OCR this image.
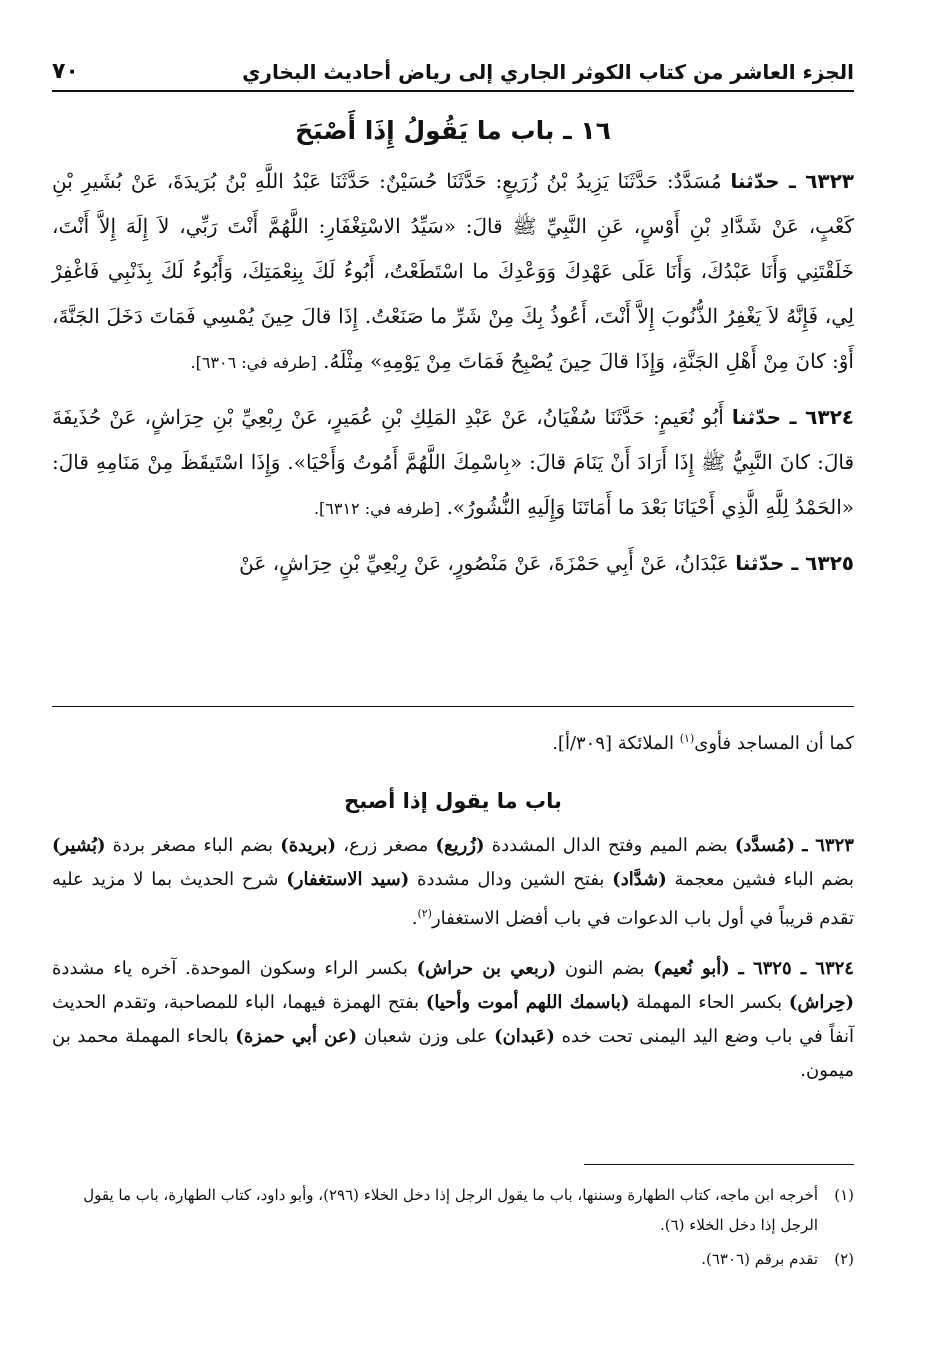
الجزء العاشر من كتاب الكوثر الجاري إلى رياض أحاديث البخاري
٧٠
١٦ ـ باب ما يَقُولُ إِذَا أَصْبَحَ

٦٣٢٣ ـ حدّثنا مُسَدَّدٌ: حَدَّثَنَا يَزِيدُ بْنُ زُرَيعٍ: حَدَّثَنَا حُسَيْنٌ: حَدَّثَنَا عَبْدُ اللَّهِ بْنُ بُرَيدَةَ، عَنْ بُشَيرِ بْنِ كَعْبٍ، عَنْ شَدَّادِ بْنِ أَوْسٍ، عَنِ النَّبِيِّ ﷺ قالَ: «سَيِّدُ الاسْتِغْفَارِ: اللَّهُمَّ أَنْتَ رَبِّي، لاَ إِلَهَ إِلاَّ أَنْتَ، خَلَقْتَنِي وَأَنَا عَبْدُكَ، وَأَنَا عَلَى عَهْدِكَ وَوَعْدِكَ ما اسْتَطَعْتُ، أَبُوءُ لَكَ بِنِعْمَتِكَ، وَأَبُوءُ لَكَ بِذَنْبِي فَاغْفِرْ لِي، فَإِنَّهُ لاَ يَغْفِرُ الذُّنُوبَ إِلاَّ أَنْتَ، أَعُوذُ بِكَ مِنْ شَرِّ ما صَنَعْتُ. إِذَا قالَ حِينَ يُمْسِي فَمَاتَ دَخَلَ الجَنَّةَ، أَوْ: كانَ مِنْ أَهْلِ الجَنَّةِ، وَإِذَا قالَ حِينَ يُصْبِحُ فَمَاتَ مِنْ يَوْمِهِ» مِثْلَهُ. [طرفه في: ٦٣٠٦].

٦٣٢٤ ـ حدّثنا أَبُو نُعَيمٍ: حَدَّثَنَا سُفْيَانُ، عَنْ عَبْدِ المَلِكِ بْنِ عُمَيرٍ، عَنْ رِبْعِيِّ بْنِ حِرَاشٍ، عَنْ حُذَيفَةَ قالَ: كانَ النَّبِيُّ ﷺ إِذَا أَرَادَ أَنْ يَنَامَ قالَ: «بِاسْمِكَ اللَّهُمَّ أَمُوتُ وَأَحْيَا». وَإِذَا اسْتَيقَظَ مِنْ مَنَامِهِ قالَ: «الحَمْدُ لِلَّهِ الَّذِي أَحْيَانَا بَعْدَ ما أَمَاتَنَا وَإِلَيهِ النُّشُورُ». [طرفه في: ٦٣١٢].

٦٣٢٥ ـ حدّثنا عَبْدَانُ، عَنْ أَبِي حَمْزَةَ، عَنْ مَنْصُورٍ، عَنْ رِبْعِيِّ بْنِ حِرَاشٍ، عَنْ

كما أن المساجد فأوى$^{(١)}$ الملائكة [٣٠٩/أ].

باب ما يقول إذا أصبح

٦٣٢٣ ـ (مُسدَّد) بضم الميم وفتح الدال المشددة (زُريع) مصغر زرع، (بريدة) بضم الباء مصغر بردة (بُشير) بضم الباء فشين معجمة (شدَّاد) بفتح الشين ودال مشددة (سيد الاستغفار) شرح الحديث بما لا مزيد عليه تقدم قريباً في أول باب الدعوات في باب أفضل الاستغفار$^{(٢)}$.

٦٣٢٤ ـ ٦٣٢٥ ـ (أبو نُعيم) بضم النون (ربعي بن حراش) بكسر الراء وسكون الموحدة. آخره ياء مشددة (حِراش) بكسر الحاء المهملة (باسمك اللهم أموت وأحيا) بفتح الهمزة فيهما، الباء للمصاحبة، وتقدم الحديث آنفاً في باب وضع اليد اليمنى تحت خده (عَبدان) على وزن شعبان (عن أبي حمزة) بالحاء المهملة محمد بن ميمون.

(١)
أخرجه ابن ماجه، كتاب الطهارة وسننها، باب ما يقول الرجل إذا دخل الخلاء (٢٩٦)، وأبو داود، كتاب الطهارة، باب ما يقول الرجل إذا دخل الخلاء (٦).
(٢)
تقدم برقم (٦٣٠٦).
